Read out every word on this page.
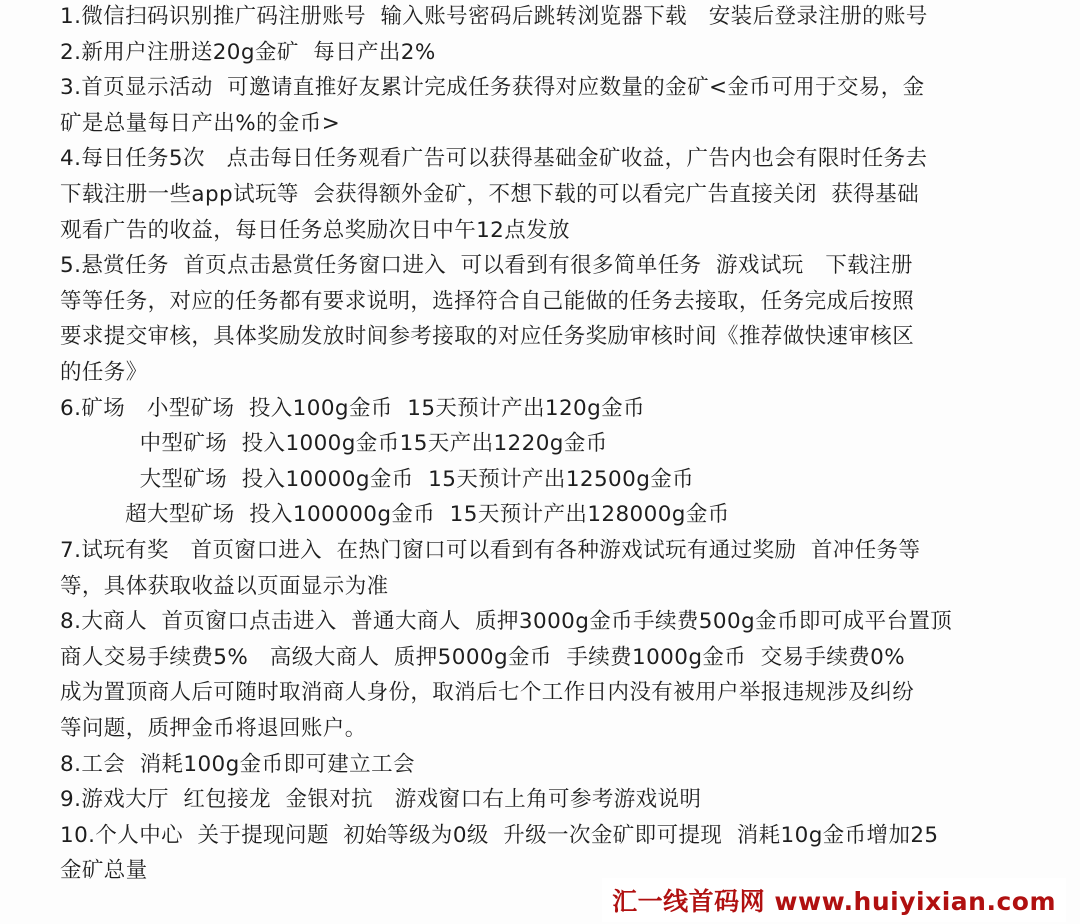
1.微信扫码识别推广码注册账号  输入账号密码后跳转浏览器下载   安装后登录注册的账号
2.新用户注册送20g金矿  每日产出2%
3.首页显示活动  可邀请直推好友累计完成任务获得对应数量的金矿<金币可用于交易，金
矿是总量每日产出%的金币>
4.每日任务5次   点击每日任务观看广告可以获得基础金矿收益，广告内也会有限时任务去
下载注册一些app试玩等  会获得额外金矿，不想下载的可以看完广告直接关闭  获得基础
观看广告的收益，每日任务总奖励次日中午12点发放
5.悬赏任务  首页点击悬赏任务窗口进入  可以看到有很多简单任务  游戏试玩   下载注册
等等任务，对应的任务都有要求说明，选择符合自己能做的任务去接取，任务完成后按照
要求提交审核，具体奖励发放时间参考接取的对应任务奖励审核时间《推荐做快速审核区
的任务》
6.矿场   小型矿场  投入100g金币  15天预计产出120g金币
中型矿场  投入1000g金币15天产出1220g金币
大型矿场  投入10000g金币  15天预计产出12500g金币
超大型矿场  投入100000g金币  15天预计产出128000g金币
7.试玩有奖   首页窗口进入  在热门窗口可以看到有各种游戏试玩有通过奖励  首冲任务等
等，具体获取收益以页面显示为准
8.大商人  首页窗口点击进入  普通大商人  质押3000g金币手续费500g金币即可成平台置顶
商人交易手续费5%   高级大商人  质押5000g金币  手续费1000g金币  交易手续费0%
成为置顶商人后可随时取消商人身份，取消后七个工作日内没有被用户举报违规涉及纠纷
等问题，质押金币将退回账户。
8.工会  消耗100g金币即可建立工会
9.游戏大厅  红包接龙  金银对抗   游戏窗口右上角可参考游戏说明
10.个人中心  关于提现问题  初始等级为0级  升级一次金矿即可提现  消耗10g金币增加25
金矿总量
汇一线首码网 www.huiyixian.com
